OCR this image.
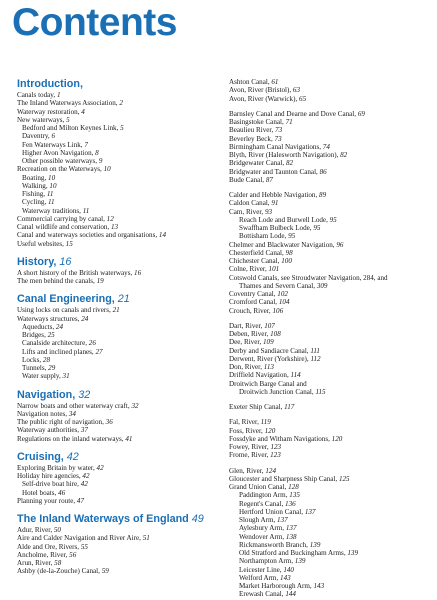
Contents
Introduction,
Canals today, 1
The Inland Waterways Association, 2
Waterway restoration, 4
New waterways, 5
Bedford and Milton Keynes Link, 5
Daventry, 6
Fen Waterways Link, 7
Higher Avon Navigation, 8
Other possible waterways, 9
Recreation on the Waterways, 10
Boating, 10
Walking, 10
Fishing, 11
Cycling, 11
Waterway traditions, 11
Commercial carrying by canal, 12
Canal wildlife and conservation, 13
Canal and waterways societies and organisations, 14
Useful websites, 15
History, 16
A short history of the British waterways, 16
The men behind the canals, 19
Canal Engineering, 21
Using locks on canals and rivers, 21
Waterways structures, 24
Aqueducts, 24
Bridges, 25
Canalside architecture, 26
Lifts and inclined planes, 27
Locks, 28
Tunnels, 29
Water supply, 31
Navigation, 32
Narrow boats and other waterway craft, 32
Navigation notes, 34
The public right of navigation, 36
Waterway authorities, 37
Regulations on the inland waterways, 41
Cruising, 42
Exploring Britain by water, 42
Holiday hire agencies, 42
Self-drive boat hire, 42
Hotel boats, 46
Planning your route, 47
The Inland Waterways of England 49
Adur, River, 50
Aire and Calder Navigation and River Aire, 51
Alde and Ore, Rivers, 55
Ancholme, River, 56
Arun, River, 58
Ashby (de-la-Zouche) Canal, 59
Ashton Canal, 61
Avon, River (Bristol), 63
Avon, River (Warwick), 65
Barnsley Canal and Dearne and Dove Canal, 69
Basingstoke Canal, 71
Beaulieu River, 73
Beverley Beck, 73
Birmingham Canal Navigations, 74
Blyth, River (Halesworth Navigation), 82
Bridgewater Canal, 82
Bridgwater and Taunton Canal, 86
Bude Canal, 87
Calder and Hebble Navigation, 89
Caldon Canal, 91
Cam, River, 93
Reach Lode and Burwell Lode, 95
Swaffham Bulbeck Lode, 95
Bottisham Lode, 95
Chelmer and Blackwater Navigation, 96
Chesterfield Canal, 98
Chichester Canal, 100
Colne, River, 101
Cotswold Canals, see Stroudwater Navigation, 284, and
Thames and Severn Canal, 309
Coventry Canal, 102
Cromford Canal, 104
Crouch, River, 106
Dart, River, 107
Deben, River, 108
Dee, River, 109
Derby and Sandiacre Canal, 111
Derwent, River (Yorkshire), 112
Don, River, 113
Driffield Navigation, 114
Droitwich Barge Canal and
Droitwich Junction Canal, 115
Exeter Ship Canal, 117
Fal, River, 119
Foss, River, 120
Fossdyke and Witham Navigations, 120
Fowey, River, 123
Frome, River, 123
Glen, River, 124
Gloucester and Sharpness Ship Canal, 125
Grand Union Canal, 128
Paddington Arm, 135
Regent's Canal, 136
Hertford Union Canal, 137
Slough Arm, 137
Aylesbury Arm, 137
Wendover Arm, 138
Rickmansworth Branch, 139
Old Stratford and Buckingham Arms, 139
Northampton Arm, 139
Leicester Line, 140
Welford Arm, 143
Market Harborough Arm, 143
Erewash Canal, 144
